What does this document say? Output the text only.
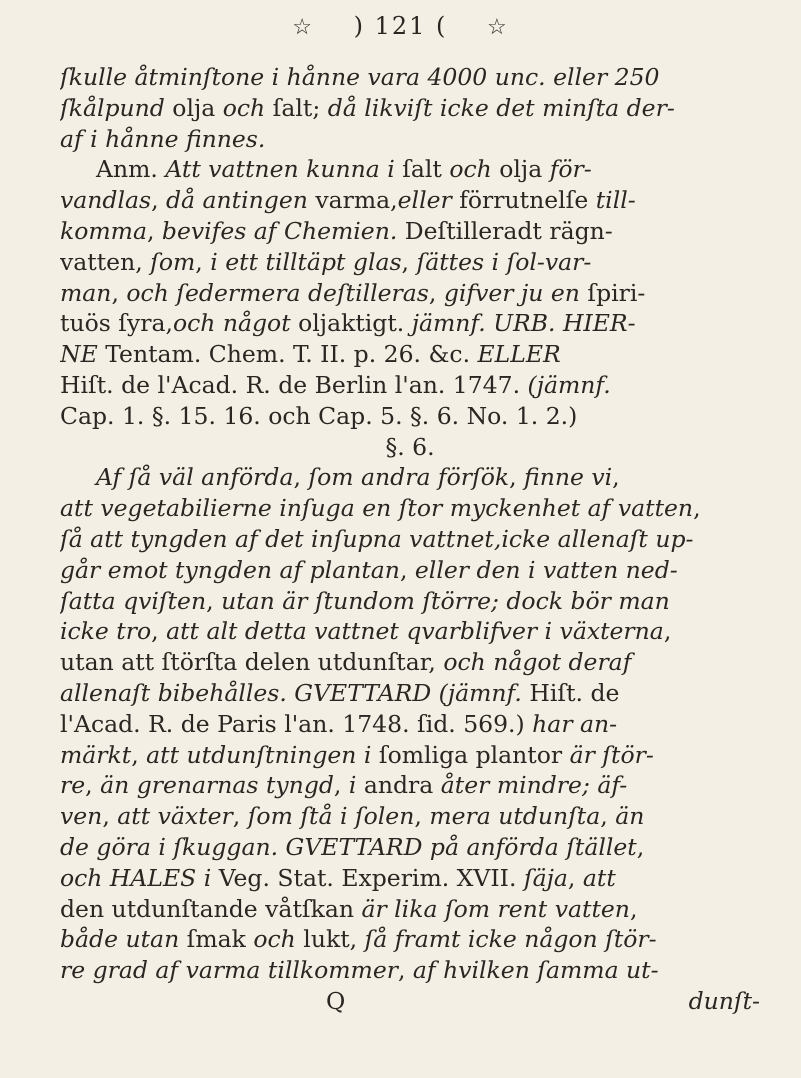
☆ ) 121 ( ☆
ſkulle åtminſtone i hånne vara 4000 unc. eller 250
ſkålpund olja och ſalt; då likviſt icke det minſta der-
af i hånne finnes.
Anm. Att vattnen kunna i ſalt och olja för-
vandlas, då antingen varma,eller förrutnelſe till-
komma, bevifes af Chemien. Deſtilleradt rägn-
vatten, ſom, i ett tilltäpt glas, ſättes i ſol-var-
man, och ſedermera deſtilleras, gifver ju en ſpiri-
tuös ſyra,och något oljaktigt. jämnf. URB. HIER-
NE Tentam. Chem. T. II. p. 26. &c. ELLER
Hiſt. de l'Acad. R. de Berlin l'an. 1747. (jämnf.
Cap. 1. §. 15. 16. och Cap. 5. §. 6. No. 1. 2.)
§. 6.
Af ſå väl anförda, ſom andra förſök, finne vi,
att vegetabilierne inſuga en ſtor myckenhet af vatten,
ſå att tyngden af det inſupna vattnet,icke allenaſt up-
går emot tyngden af plantan, eller den i vatten ned-
ſatta qviſten, utan är ſtundom ſtörre; dock bör man
icke tro, att alt detta vattnet qvarblifver i växterna,
utan att ſtörſta delen utdunſtar, och något deraf
allenaſt bibehålles. GVETTARD (jämnf. Hiſt. de
l'Acad. R. de Paris l'an. 1748. ſid. 569.) har an-
märkt, att utdunſtningen i ſomliga plantor är ſtör-
re, än grenarnas tyngd, i andra åter mindre; äf-
ven, att växter, ſom ſtå i ſolen, mera utdunſta, än
de göra i ſkuggan. GVETTARD på anförda ſtället,
och HALES i Veg. Stat. Experim. XVII. ſäja, att
den utdunſtande våtſkan är lika ſom rent vatten,
både utan ſmak och lukt, ſå framt icke någon ſtör-
re grad af varma tillkommer, af hvilken ſamma ut-
Q	dunſt-
